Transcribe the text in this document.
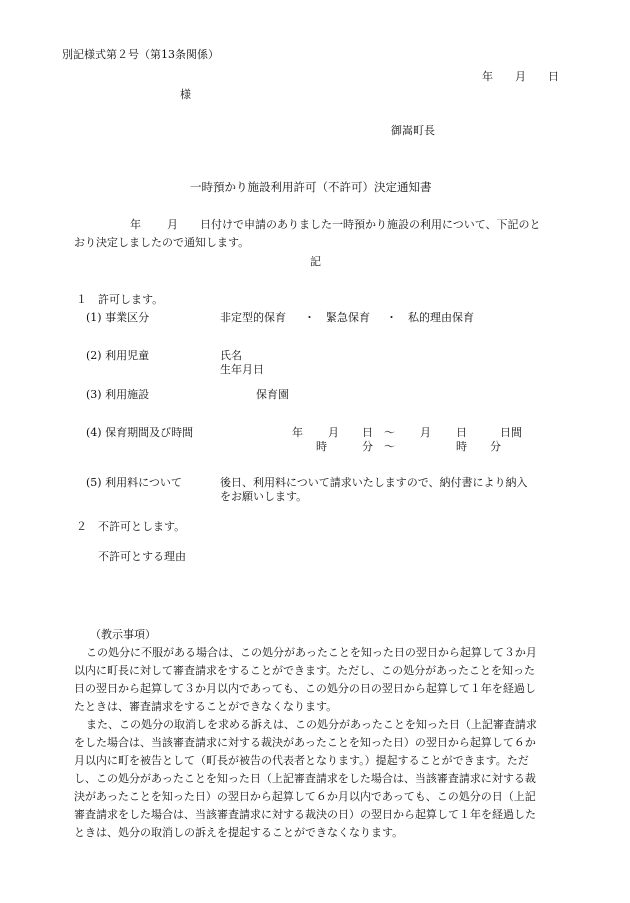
別記様式第２号（第13条関係）
年 月 日
様
御嵩町長
一時預かり施設利用許可（不許可）決定通知書
年 月 日付けで申請のありました一時預かり施設の利用について、下記のと
おり決定しましたので通知します。
記
１　許可します。
(1) 事業区分	非定型的保育 ・ 緊急保育 ・ 私的理由保育
(2) 利用児童	氏名
生年月日
(3) 利用施設	保育園
(4) 保育期間及び時間	年 月 日 〜 月 日	日間
時	分 〜	時 分
(5) 利用料について	後日、利用料について請求いたしますので、納付書により納入
をお願いします。
２　不許可とします。
不許可とする理由
（教示事項）
この処分に不服がある場合は、この処分があったことを知った日の翌日から起算して３か月
以内に町長に対して審査請求をすることができます。ただし、この処分があったことを知った
日の翌日から起算して３か月以内であっても、この処分の日の翌日から起算して１年を経過し
たときは、審査請求をすることができなくなります。
また、この処分の取消しを求める訴えは、この処分があったことを知った日（上記審査請求
をした場合は、当該審査請求に対する裁決があったことを知った日）の翌日から起算して６か
月以内に町を被告として（町長が被告の代表者となります。）提起することができます。ただ
し、この処分があったことを知った日（上記審査請求をした場合は、当該審査請求に対する裁
決があったことを知った日）の翌日から起算して６か月以内であっても、この処分の日（上記
審査請求をした場合は、当該審査請求に対する裁決の日）の翌日から起算して１年を経過した
ときは、処分の取消しの訴えを提起することができなくなります。
